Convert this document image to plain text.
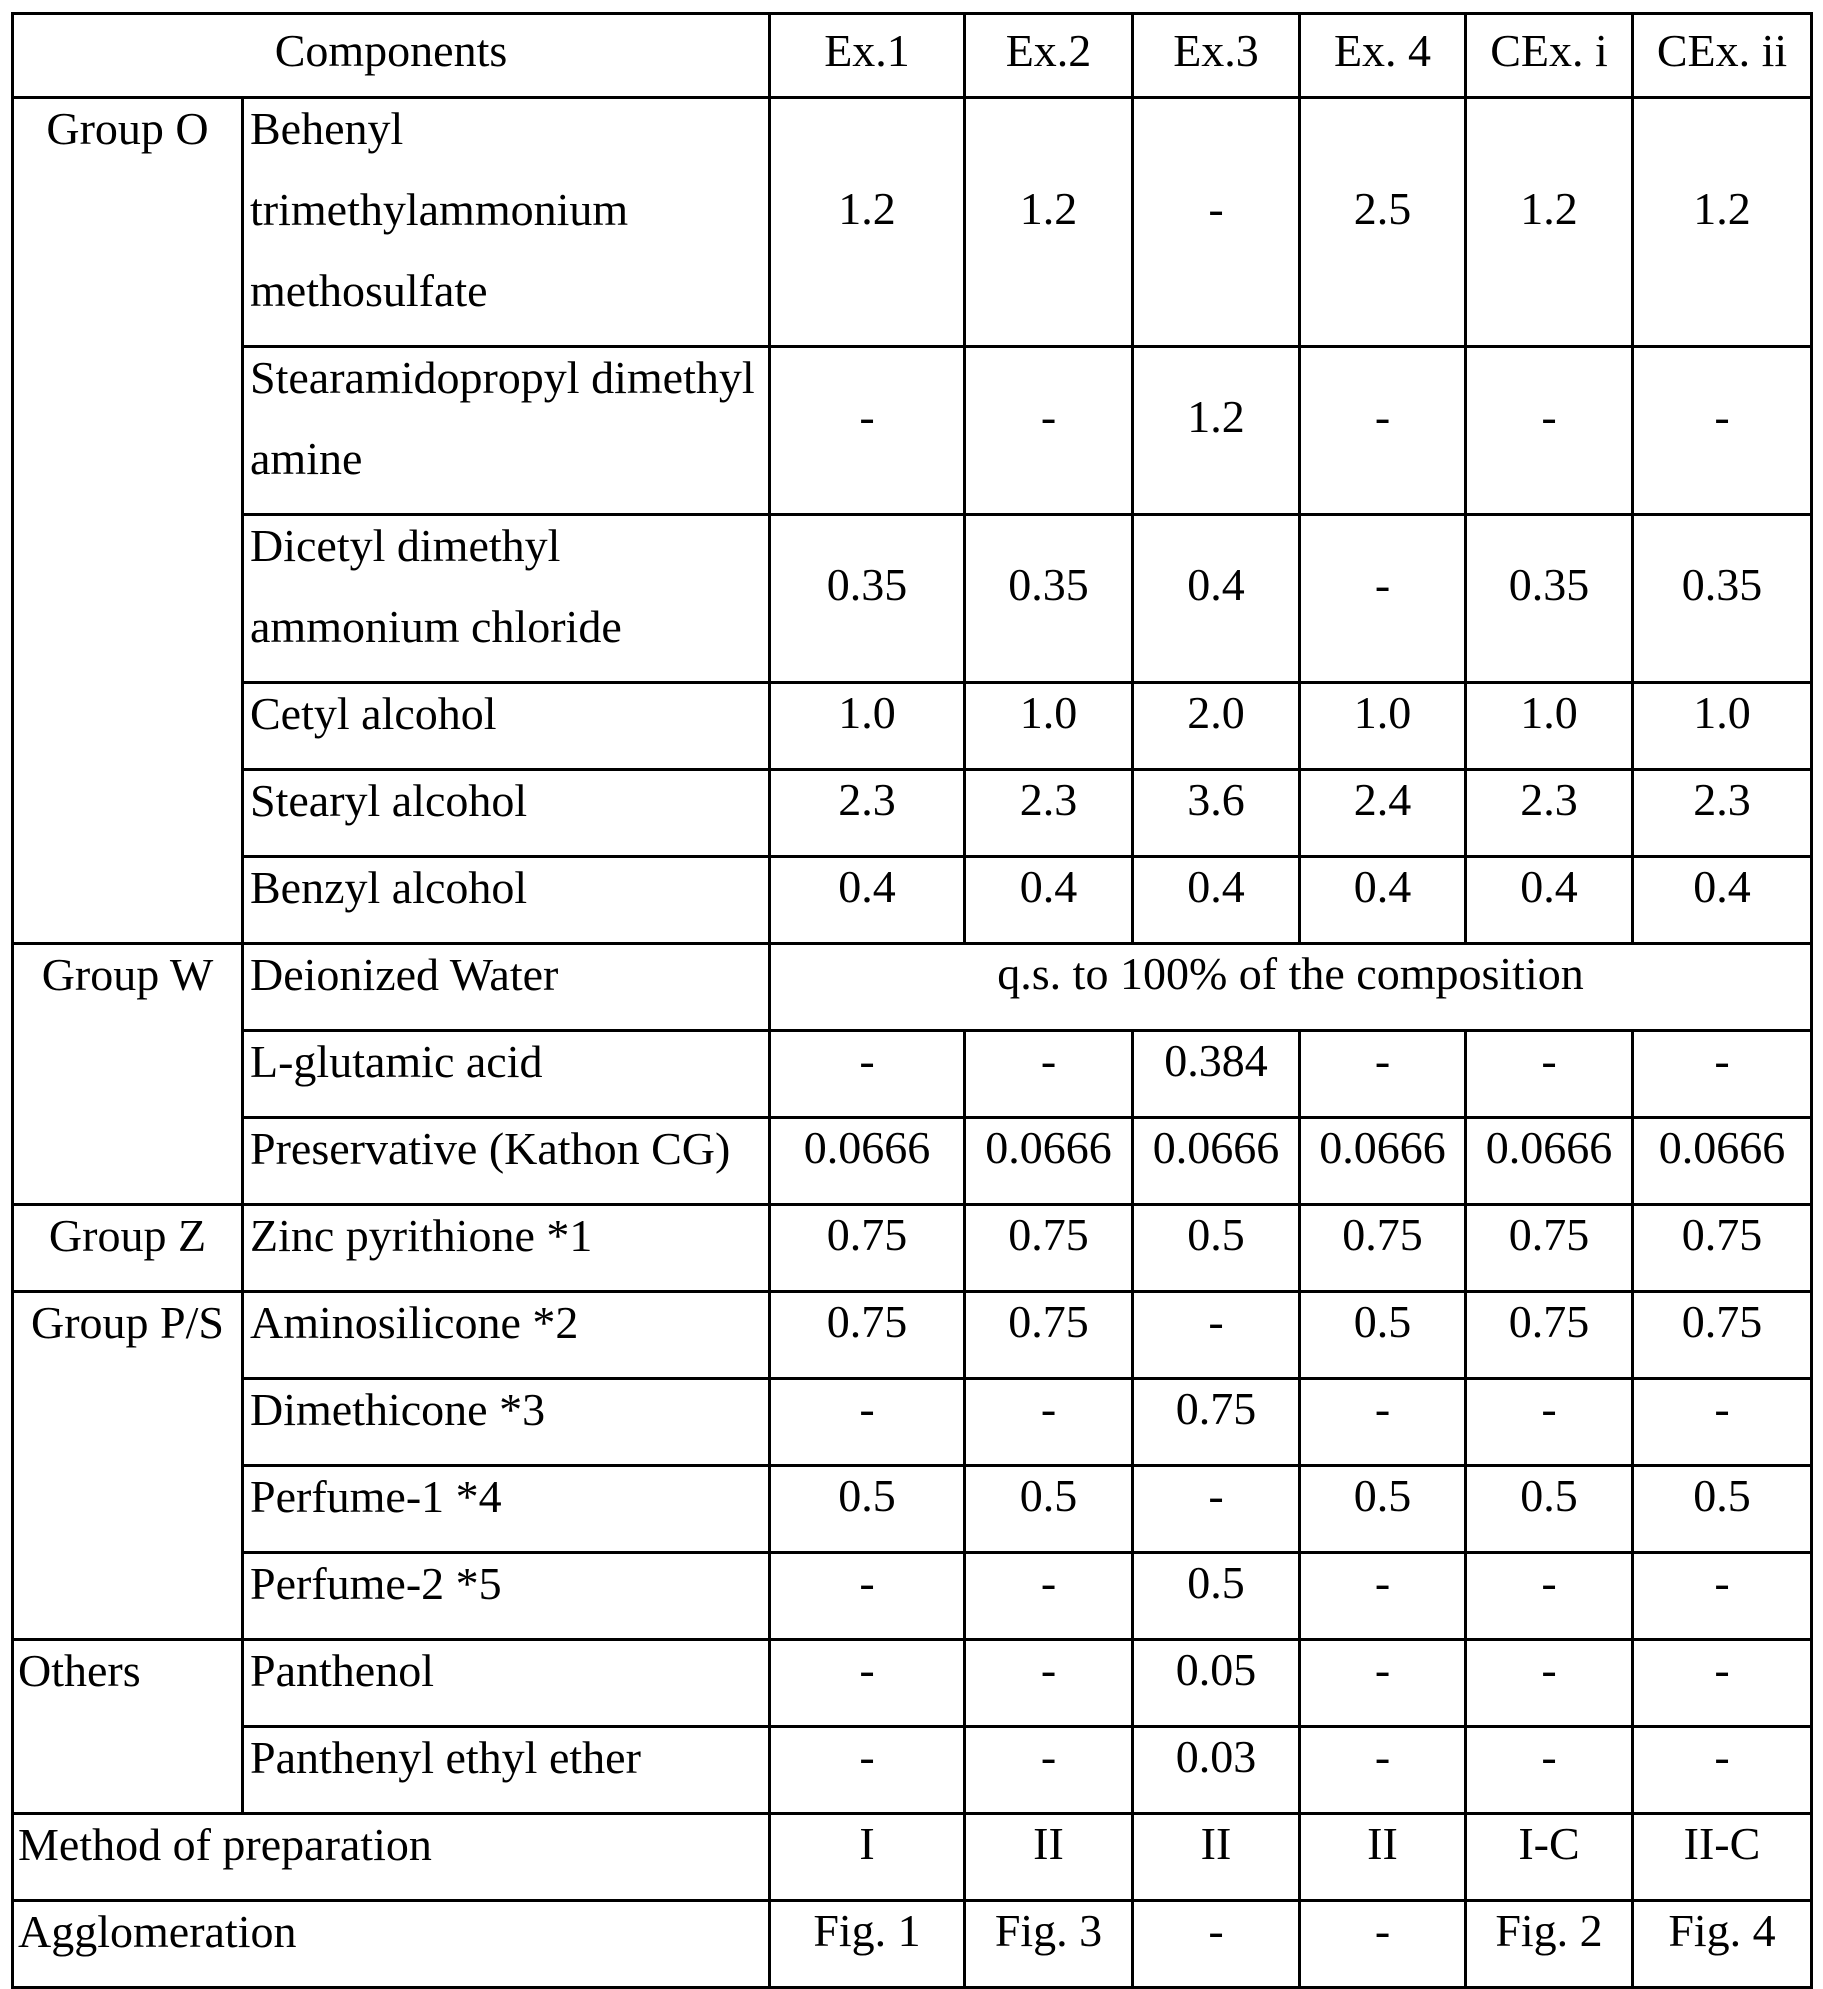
Components		Ex.1	Ex.2	Ex.3	Ex. 4	CEx. i	CEx. ii
Group O	Behenyl
trimethylammonium
methosulfate	1.2	1.2	-	2.5	1.2	1.2

	Stearamidopropyl dimethyl
amine	-	-	1.2	-	-	-

	Dicetyl dimethyl
ammonium chloride	0.35	0.35	0.4	-	0.35	0.35

	Cetyl alcohol	1.0	1.0	2.0	1.0	1.0	1.0

	Stearyl alcohol	2.3	2.3	3.6	2.4	2.3	2.3

	Benzyl alcohol	0.4	0.4	0.4	0.4	0.4	0.4
Group W	Deionized Water	q.s. to 100% of the composition					

	L-glutamic acid	-	-	0.384	-	-	-

	Preservative (Kathon CG)	0.0666	0.0666	0.0666	0.0666	0.0666	0.0666
Group Z	Zinc pyrithione *1	0.75	0.75	0.5	0.75	0.75	0.75
Group P/S	Aminosilicone *2	0.75	0.75	-	0.5	0.75	0.75

	Dimethicone *3	-	-	0.75	-	-	-

	Perfume-1 *4	0.5	0.5	-	0.5	0.5	0.5

	Perfume-2 *5	-	-	0.5	-	-	-
Others	Panthenol	-	-	0.05	-	-	-

	Panthenyl ethyl ether	-	-	0.03	-	-	-
Method of preparation		I	II	II	II	I-C	II-C
Agglomeration		Fig. 1	Fig. 3	-	-	Fig. 2	Fig. 4
